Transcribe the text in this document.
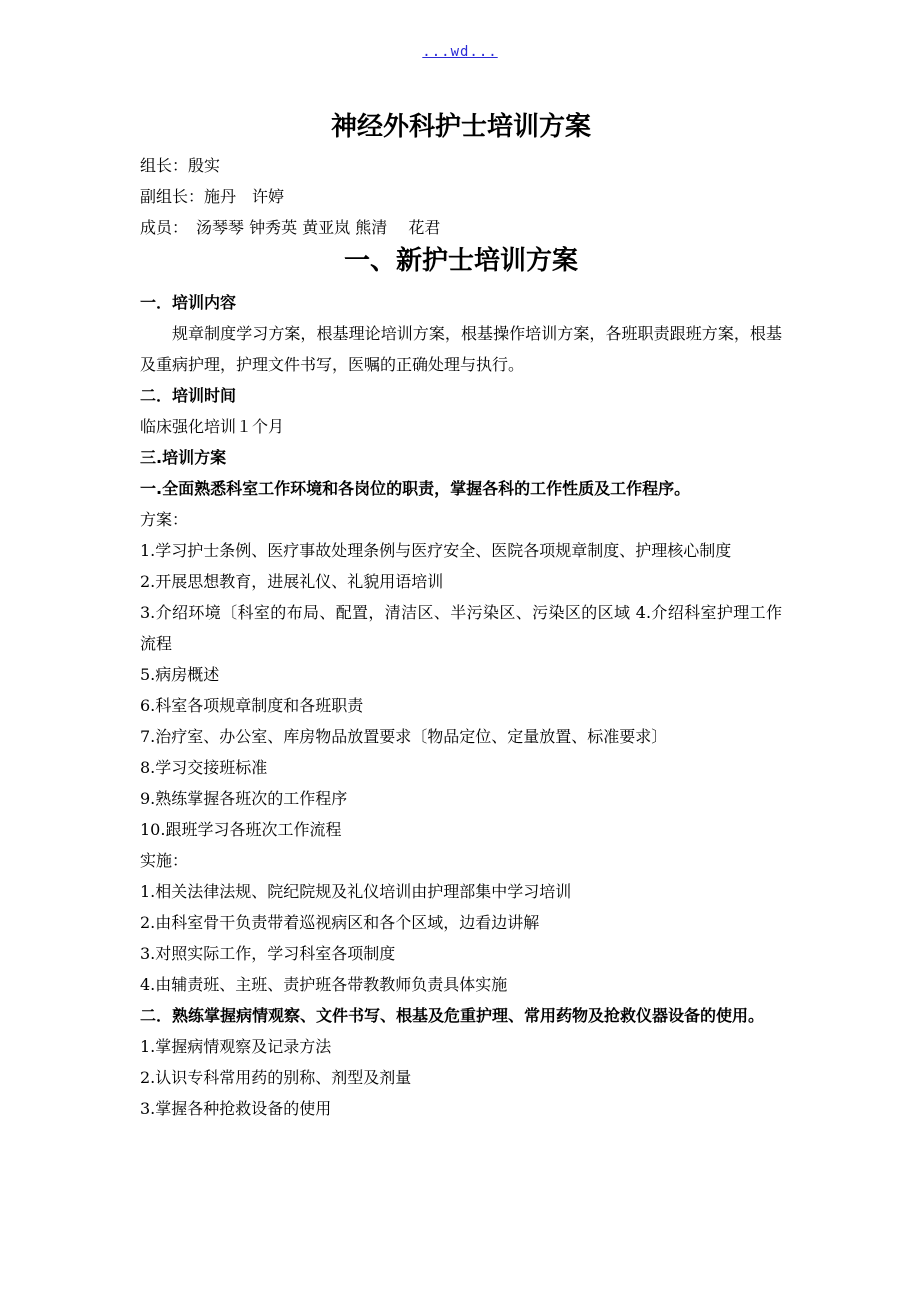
...wd...
神经外科护士培训方案
组长：殷实
副组长：施丹　许婷
成员：　汤琴琴 钟秀英 黄亚岚 熊清　 花君
一、新护士培训方案
一．培训内容
规章制度学习方案，根基理论培训方案，根基操作培训方案，各班职责跟班方案，根基及重病护理，护理文件书写，医嘱的正确处理与执行。
二．培训时间
临床强化培训１个月
三.培训方案
一.全面熟悉科室工作环境和各岗位的职责，掌握各科的工作性质及工作程序。
方案：
1.学习护士条例、医疗事故处理条例与医疗安全、医院各项规章制度、护理核心制度
2.开展思想教育，进展礼仪、礼貌用语培训
3.介绍环境〔科室的布局、配置，清洁区、半污染区、污染区的区域 4.介绍科室护理工作流程
5.病房概述
6.科室各项规章制度和各班职责
7.治疗室、办公室、库房物品放置要求〔物品定位、定量放置、标准要求〕
8.学习交接班标准
9.熟练掌握各班次的工作程序
10.跟班学习各班次工作流程
实施：
1.相关法律法规、院纪院规及礼仪培训由护理部集中学习培训
2.由科室骨干负责带着巡视病区和各个区域，边看边讲解
3.对照实际工作，学习科室各项制度
4.由辅责班、主班、责护班各带教教师负责具体实施
二．熟练掌握病情观察、文件书写、根基及危重护理、常用药物及抢救仪器设备的使用。
1.掌握病情观察及记录方法
2.认识专科常用药的别称、剂型及剂量
3.掌握各种抢救设备的使用
